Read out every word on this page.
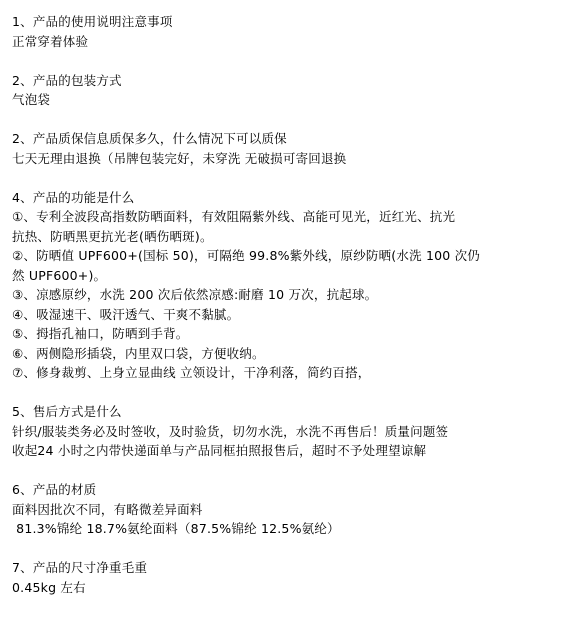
1、产品的使用说明注意事项
正常穿着体验
2、产品的包装方式
气泡袋
2、产品质保信息质保多久，什么情况下可以质保
七天无理由退换（吊牌包装完好，未穿洗 无破损可寄回退换
4、产品的功能是什么
①、专利全波段高指数防晒面料，有效阻隔紫外线、高能可见光，近红光、抗光
抗热、防晒黑更抗光老(晒伤晒斑)。
②、防晒值 UPF600+(国标 50)，可隔绝 99.8%紫外线，原纱防晒(水洗 100 次仍
然 UPF600+)。
③、凉感原纱，水洗 200 次后依然凉感:耐磨 10 万次，抗起球。
④、吸湿速干、吸汗透气、干爽不黏腻。
⑤、拇指孔袖口，防晒到手背。
⑥、两侧隐形插袋，内里双口袋，方便收纳。
⑦、修身裁剪、上身立显曲线 立领设计，干净利落，简约百搭，
5、售后方式是什么
针织/服装类务必及时签收，及时验货，切勿水洗，水洗不再售后！质量问题签
收起24 小时之内带快递面单与产品同框拍照报售后，超时不予处理望谅解
6、产品的材质
面料因批次不同，有略微差异面料
81.3%锦纶 18.7%氨纶面料（87.5%锦纶 12.5%氨纶）
7、产品的尺寸净重毛重
0.45kg 左右
